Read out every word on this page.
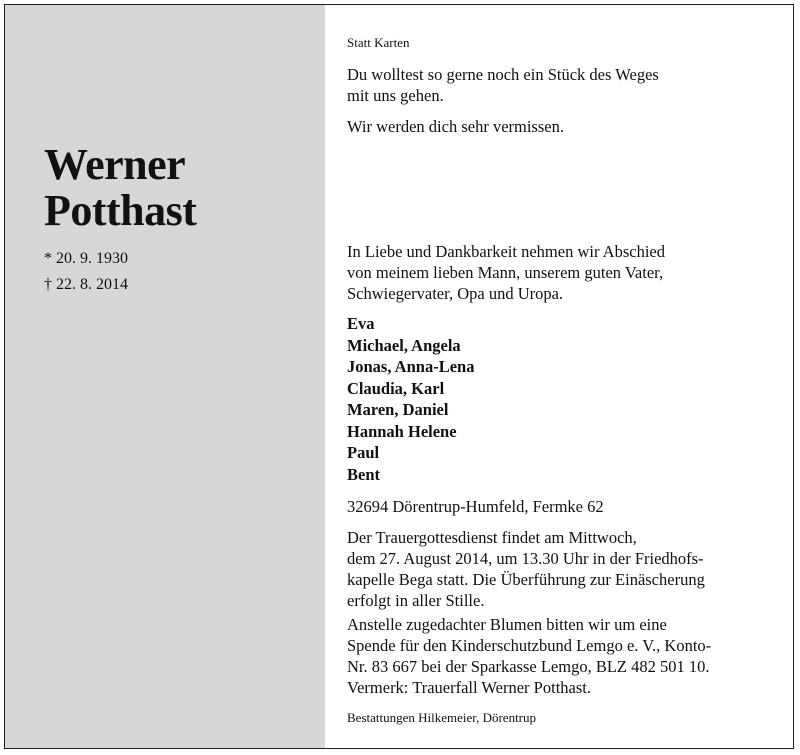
Werner
Potthast
* 20. 9. 1930
† 22. 8. 2014
Statt Karten
Du wolltest so gerne noch ein Stück des Weges
mit uns gehen.
Wir werden dich sehr vermissen.
In Liebe und Dankbarkeit nehmen wir Abschied
von meinem lieben Mann, unserem guten Vater,
Schwiegervater, Opa und Uropa.
Eva
Michael, Angela
Jonas, Anna-Lena
Claudia, Karl
Maren, Daniel
Hannah Helene
Paul
Bent
32694 Dörentrup-Humfeld, Fermke 62
Der Trauergottesdienst findet am Mittwoch,
dem 27. August 2014, um 13.30 Uhr in der Friedhofs-
kapelle Bega statt. Die Überführung zur Einäscherung
erfolgt in aller Stille.
Anstelle zugedachter Blumen bitten wir um eine
Spende für den Kinderschutzbund Lemgo e. V., Konto-
Nr. 83 667 bei der Sparkasse Lemgo, BLZ 482 501 10.
Vermerk: Trauerfall Werner Potthast.
Bestattungen Hilkemeier, Dörentrup
